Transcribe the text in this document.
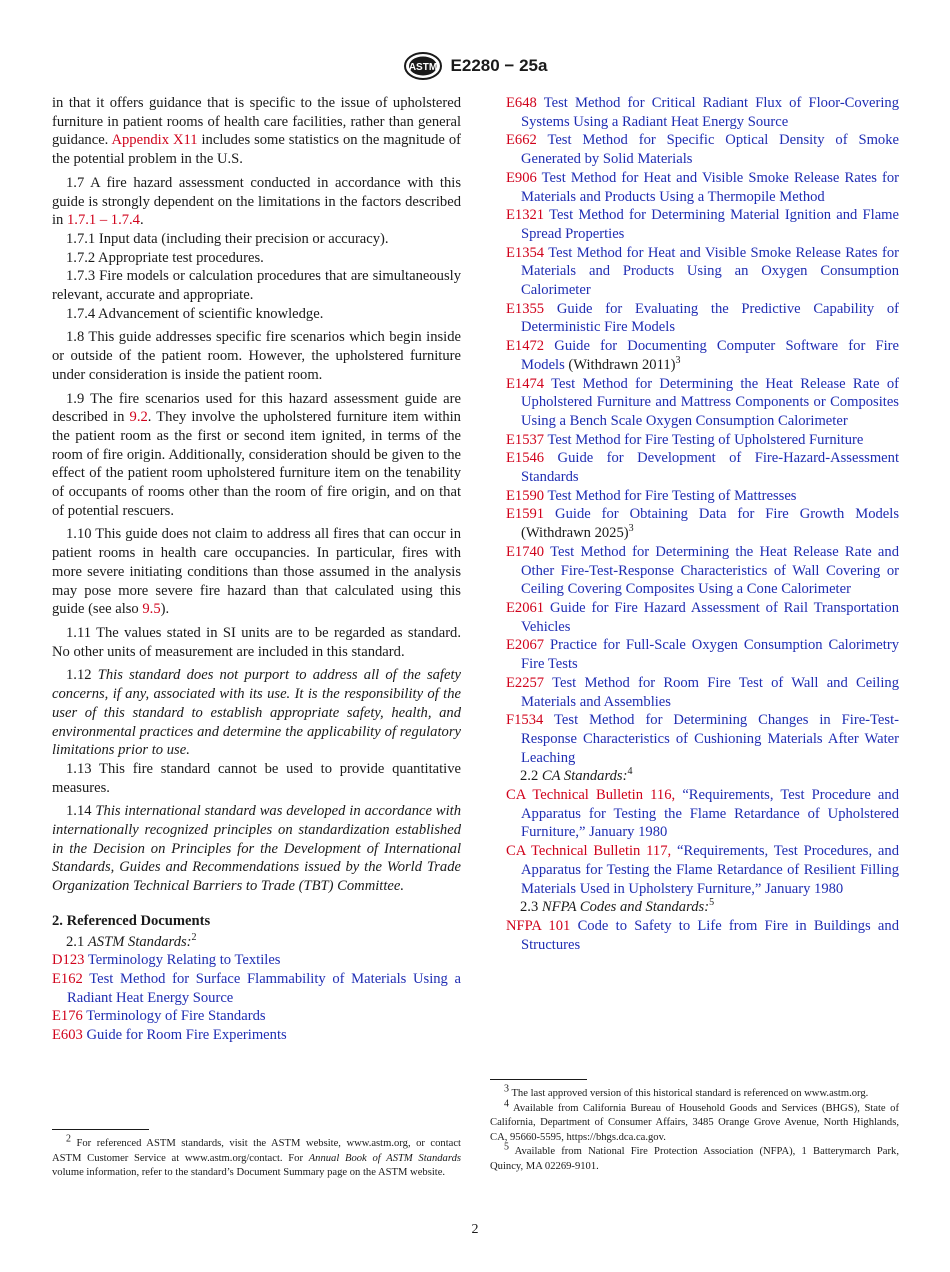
ASTM E2280 − 25a

in that it offers guidance that is specific to the issue of upholstered furniture in patient rooms of health care facilities, rather than general guidance. Appendix X11 includes some statistics on the magnitude of the potential problem in the U.S.

1.7 A fire hazard assessment conducted in accordance with this guide is strongly dependent on the limitations in the factors described in 1.7.1 – 1.7.4.

1.7.1 Input data (including their precision or accuracy).

1.7.2 Appropriate test procedures.

1.7.3 Fire models or calculation procedures that are simultaneously relevant, accurate and appropriate.

1.7.4 Advancement of scientific knowledge.

1.8 This guide addresses specific fire scenarios which begin inside or outside of the patient room. However, the upholstered furniture under consideration is inside the patient room.

1.9 The fire scenarios used for this hazard assessment guide are described in 9.2. They involve the upholstered furniture item within the patient room as the first or second item ignited, in terms of the room of fire origin. Additionally, consideration should be given to the effect of the patient room upholstered furniture item on the tenability of occupants of rooms other than the room of fire origin, and on that of potential rescuers.

1.10 This guide does not claim to address all fires that can occur in patient rooms in health care occupancies. In particular, fires with more severe initiating conditions than those assumed in the analysis may pose more severe fire hazard than that calculated using this guide (see also 9.5).

1.11 The values stated in SI units are to be regarded as standard. No other units of measurement are included in this standard.

1.12 This standard does not purport to address all of the safety concerns, if any, associated with its use. It is the responsibility of the user of this standard to establish appropriate safety, health, and environmental practices and determine the applicability of regulatory limitations prior to use.

1.13 This fire standard cannot be used to provide quantitative measures.

1.14 This international standard was developed in accordance with internationally recognized principles on standardization established in the Decision on Principles for the Development of International Standards, Guides and Recommendations issued by the World Trade Organization Technical Barriers to Trade (TBT) Committee.

2. Referenced Documents

2.1 ASTM Standards:$^2$

D123 Terminology Relating to Textiles

E162 Test Method for Surface Flammability of Materials Using a Radiant Heat Energy Source

E176 Terminology of Fire Standards

E603 Guide for Room Fire Experiments

$^2$ For referenced ASTM standards, visit the ASTM website, www.astm.org, or contact ASTM Customer Service at www.astm.org/contact. For Annual Book of ASTM Standards volume information, refer to the standard’s Document Summary page on the ASTM website.

E648 Test Method for Critical Radiant Flux of Floor-Covering Systems Using a Radiant Heat Energy Source

E662 Test Method for Specific Optical Density of Smoke Generated by Solid Materials

E906 Test Method for Heat and Visible Smoke Release Rates for Materials and Products Using a Thermopile Method

E1321 Test Method for Determining Material Ignition and Flame Spread Properties

E1354 Test Method for Heat and Visible Smoke Release Rates for Materials and Products Using an Oxygen Consumption Calorimeter

E1355 Guide for Evaluating the Predictive Capability of Deterministic Fire Models

E1472 Guide for Documenting Computer Software for Fire Models (Withdrawn 2011)$^3$

E1474 Test Method for Determining the Heat Release Rate of Upholstered Furniture and Mattress Components or Composites Using a Bench Scale Oxygen Consumption Calorimeter

E1537 Test Method for Fire Testing of Upholstered Furniture

E1546 Guide for Development of Fire-Hazard-Assessment Standards

E1590 Test Method for Fire Testing of Mattresses

E1591 Guide for Obtaining Data for Fire Growth Models (Withdrawn 2025)$^3$

E1740 Test Method for Determining the Heat Release Rate and Other Fire-Test-Response Characteristics of Wall Covering or Ceiling Covering Composites Using a Cone Calorimeter

E2061 Guide for Fire Hazard Assessment of Rail Transportation Vehicles

E2067 Practice for Full-Scale Oxygen Consumption Calorimetry Fire Tests

E2257 Test Method for Room Fire Test of Wall and Ceiling Materials and Assemblies

F1534 Test Method for Determining Changes in Fire-Test-Response Characteristics of Cushioning Materials After Water Leaching

2.2 CA Standards:$^4$

CA Technical Bulletin 116, “Requirements, Test Procedure and Apparatus for Testing the Flame Retardance of Upholstered Furniture,” January 1980

CA Technical Bulletin 117, “Requirements, Test Procedures, and Apparatus for Testing the Flame Retardance of Resilient Filling Materials Used in Upholstery Furniture,” January 1980

2.3 NFPA Codes and Standards:$^5$

NFPA 101 Code to Safety to Life from Fire in Buildings and Structures

$^3$ The last approved version of this historical standard is referenced on www.astm.org.

$^4$ Available from California Bureau of Household Goods and Services (BHGS), State of California, Department of Consumer Affairs, 3485 Orange Grove Avenue, North Highlands, CA, 95660-5595, https://bhgs.dca.ca.gov.

$^5$ Available from National Fire Protection Association (NFPA), 1 Batterymarch Park, Quincy, MA 02269-9101.

2
